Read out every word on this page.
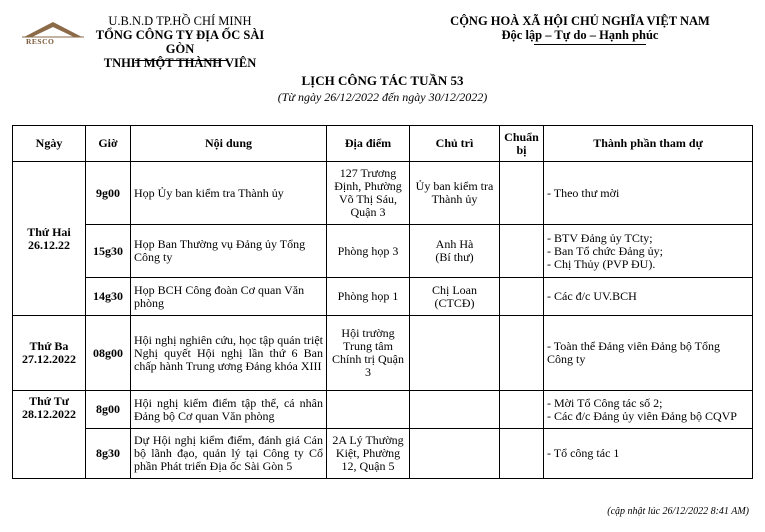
RESCO
U.B.N.D TP.HỒ CHÍ MINH
TỔNG CÔNG TY ĐỊA ỐC SÀI GÒN
TNHH MỘT THÀNH VIÊN
CỘNG HOÀ XÃ HỘI CHỦ NGHĨA VIỆT NAM
Độc lập – Tự do – Hạnh phúc
LỊCH CÔNG TÁC TUẦN 53
(Từ ngày 26/12/2022 đến ngày 30/12/2022)
Ngày	Giờ	Nội dung	Địa điểm	Chủ trì	Chuẩn bị	Thành phần tham dự

Thứ Hai
26.12.22	9g00	Họp Ủy ban kiểm tra Thành ủy	127 Trương Định, Phường Võ Thị Sáu, Quận 3	Ủy ban kiểm tra Thành ủy		- Theo thư mời

	15g30	Họp Ban Thường vụ Đảng ủy Tổng Công ty	Phòng họp 3	Anh Hà
(Bí thư)		- BTV Đảng ủy TCty;
- Ban Tổ chức Đảng ủy;
- Chị Thủy (PVP ĐU).

	14g30	Họp BCH Công đoàn Cơ quan Văn phòng	Phòng họp 1	Chị Loan
(CTCĐ)		- Các đ/c UV.BCH

Thứ Ba
27.12.2022	08g00	Hội nghị nghiên cứu, học tập quán triệt Nghị quyết Hội nghị lần thứ 6 Ban chấp hành Trung ương Đảng khóa XIII	Hội trường Trung tâm Chính trị Quận 3			- Toàn thể Đảng viên Đảng bộ Tổng Công ty

Thứ Tư
28.12.2022	8g00	Hội nghị kiểm điểm tập thể, cá nhân Đảng bộ Cơ quan Văn phòng				- Mời Tổ Công tác số 2;
- Các đ/c Đảng ủy viên Đảng bộ CQVP

	8g30	Dự Hội nghị kiểm điểm, đánh giá Cán bộ lãnh đạo, quản lý tại Công ty Cổ phần Phát triển Địa ốc Sài Gòn 5	2A Lý Thường Kiệt, Phường 12, Quận 5			- Tổ công tác 1
(cập nhật lúc 26/12/2022 8:41 AM)
